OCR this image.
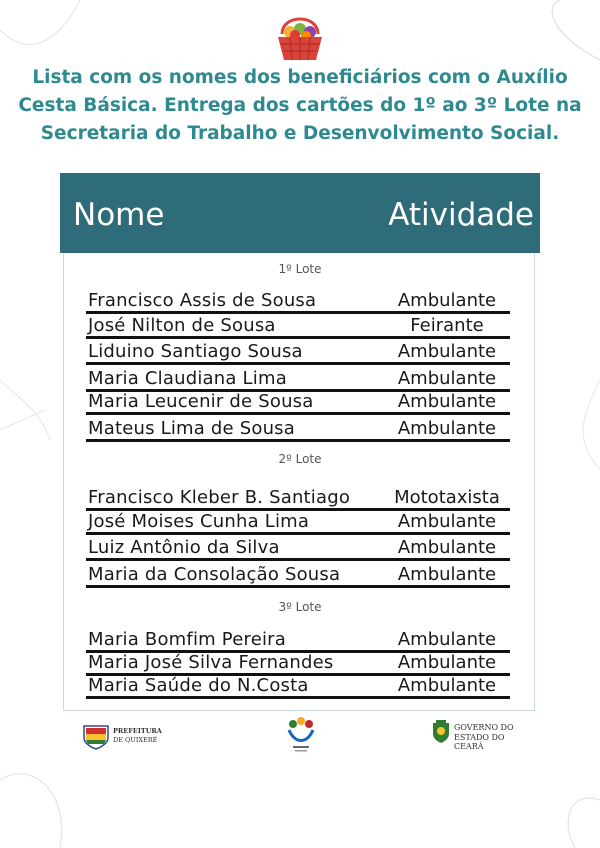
Lista com os nomes dos beneficiários com o Auxílio Cesta Básica. Entrega dos cartões do 1º ao 3º Lote na Secretaria do Trabalho e Desenvolvimento Social.

Nome	Atividade
1º Lote
Francisco Assis de Sousa	Ambulante
José Nilton de Sousa	Feirante
Liduino Santiago Sousa	Ambulante
Maria Claudiana Lima	Ambulante
Maria Leucenir de Sousa	Ambulante
Mateus Lima de Sousa	Ambulante
2º Lote
Francisco Kleber B. Santiago	Mototaxista
José Moises Cunha Lima	Ambulante
Luiz Antônio da Silva	Ambulante
Maria da Consolação Sousa	Ambulante
3º Lote
Maria Bomfim Pereira	Ambulante
Maria José Silva Fernandes	Ambulante
Maria Saúde do N.Costa	Ambulante
PREFEITURA
DE QUIXERÉ
GOVERNO DO
ESTADO DO CEARÁ
